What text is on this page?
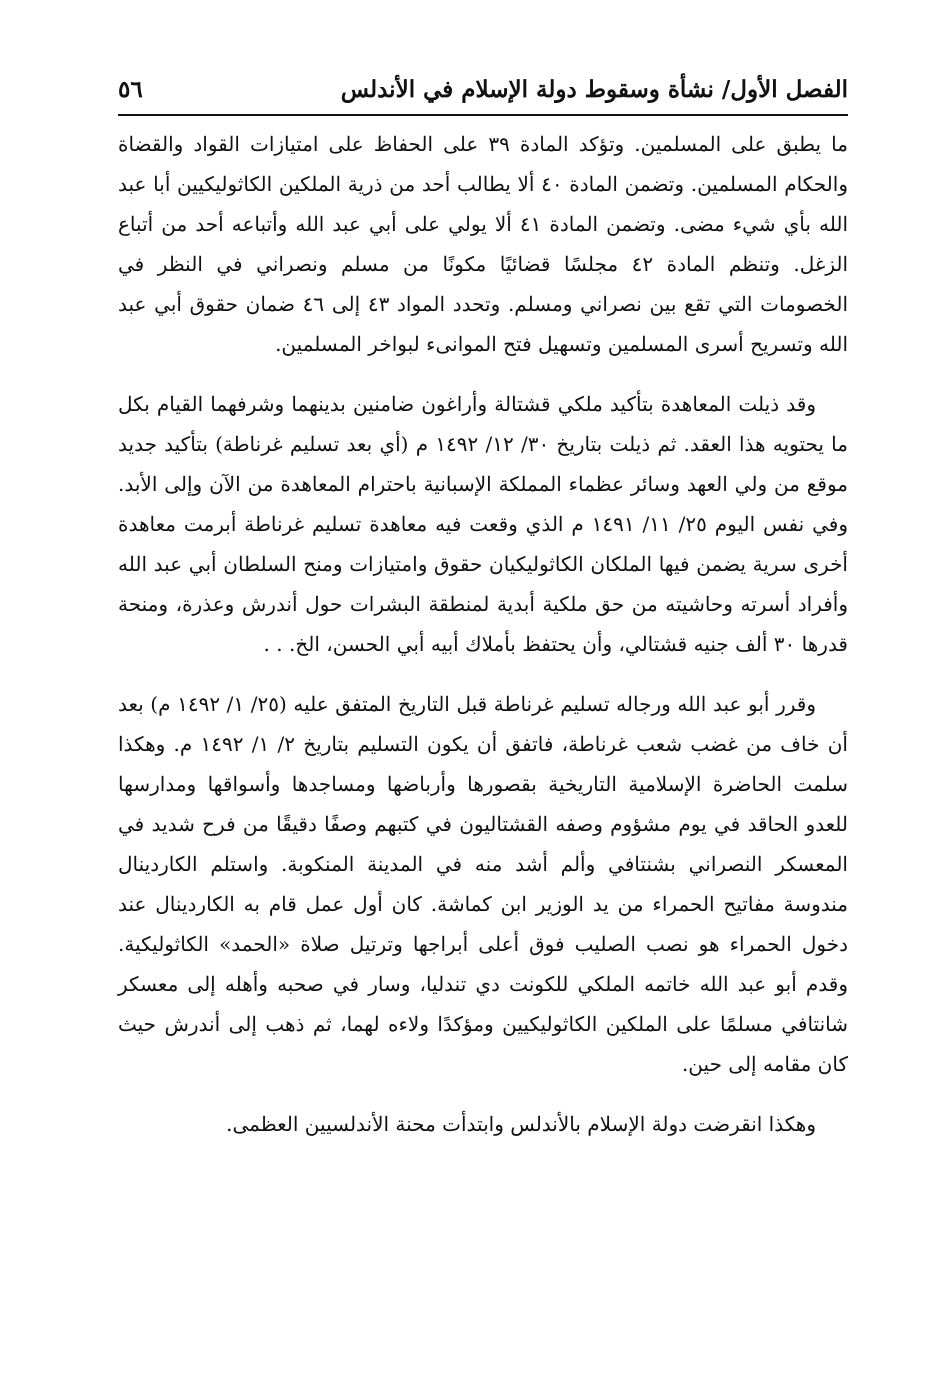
٥٦	الفصل الأول/ نشأة وسقوط دولة الإسلام في الأندلس

ما يطبق على المسلمين. وتؤكد المادة ٣٩ على الحفاظ على امتيازات القواد والقضاة والحكام المسلمين. وتضمن المادة ٤٠ ألا يطالب أحد من ذرية الملكين الكاثوليكيين أبا عبد الله بأي شيء مضى. وتضمن المادة ٤١ ألا يولي على أبي عبد الله وأتباعه أحد من أتباع الزغل. وتنظم المادة ٤٢ مجلسًا قضائيًا مكونًا من مسلم ونصراني في النظر في الخصومات التي تقع بين نصراني ومسلم. وتحدد المواد ٤٣ إلى ٤٦ ضمان حقوق أبي عبد الله وتسريح أسرى المسلمين وتسهيل فتح الموانىء لبواخر المسلمين.

وقد ذيلت المعاهدة بتأكيد ملكي قشتالة وأراغون ضامنين بدينهما وشرفهما القيام بكل ما يحتويه هذا العقد. ثم ذيلت بتاريخ ٣٠/ ١٢/ ١٤٩٢ م (أي بعد تسليم غرناطة) بتأكيد جديد موقع من ولي العهد وسائر عظماء المملكة الإسبانية باحترام المعاهدة من الآن وإلى الأبد. وفي نفس اليوم ٢٥/ ١١/ ١٤٩١ م الذي وقعت فيه معاهدة تسليم غرناطة أبرمت معاهدة أخرى سرية يضمن فيها الملكان الكاثوليكيان حقوق وامتيازات ومنح السلطان أبي عبد الله وأفراد أسرته وحاشيته من حق ملكية أبدية لمنطقة البشرات حول أندرش وعذرة، ومنحة قدرها ٣٠ ألف جنيه قشتالي، وأن يحتفظ بأملاك أبيه أبي الحسن، الخ. . .

وقرر أبو عبد الله ورجاله تسليم غرناطة قبل التاريخ المتفق عليه (٢٥/ ١/ ١٤٩٢ م) بعد أن خاف من غضب شعب غرناطة، فاتفق أن يكون التسليم بتاريخ ٢/ ١/ ١٤٩٢ م. وهكذا سلمت الحاضرة الإسلامية التاريخية بقصورها وأرباضها ومساجدها وأسواقها ومدارسها للعدو الحاقد في يوم مشؤوم وصفه القشتاليون في كتبهم وصفًا دقيقًا من فرح شديد في المعسكر النصراني بشنتافي وألم أشد منه في المدينة المنكوبة. واستلم الكاردينال مندوسة مفاتيح الحمراء من يد الوزير ابن كماشة. كان أول عمل قام به الكاردينال عند دخول الحمراء هو نصب الصليب فوق أعلى أبراجها وترتيل صلاة «الحمد» الكاثوليكية. وقدم أبو عبد الله خاتمه الملكي للكونت دي تندليا، وسار في صحبه وأهله إلى معسكر شانتافي مسلمًا على الملكين الكاثوليكيين ومؤكدًا ولاءه لهما، ثم ذهب إلى أندرش حيث كان مقامه إلى حين.

وهكذا انقرضت دولة الإسلام بالأندلس وابتدأت محنة الأندلسيين العظمى.
